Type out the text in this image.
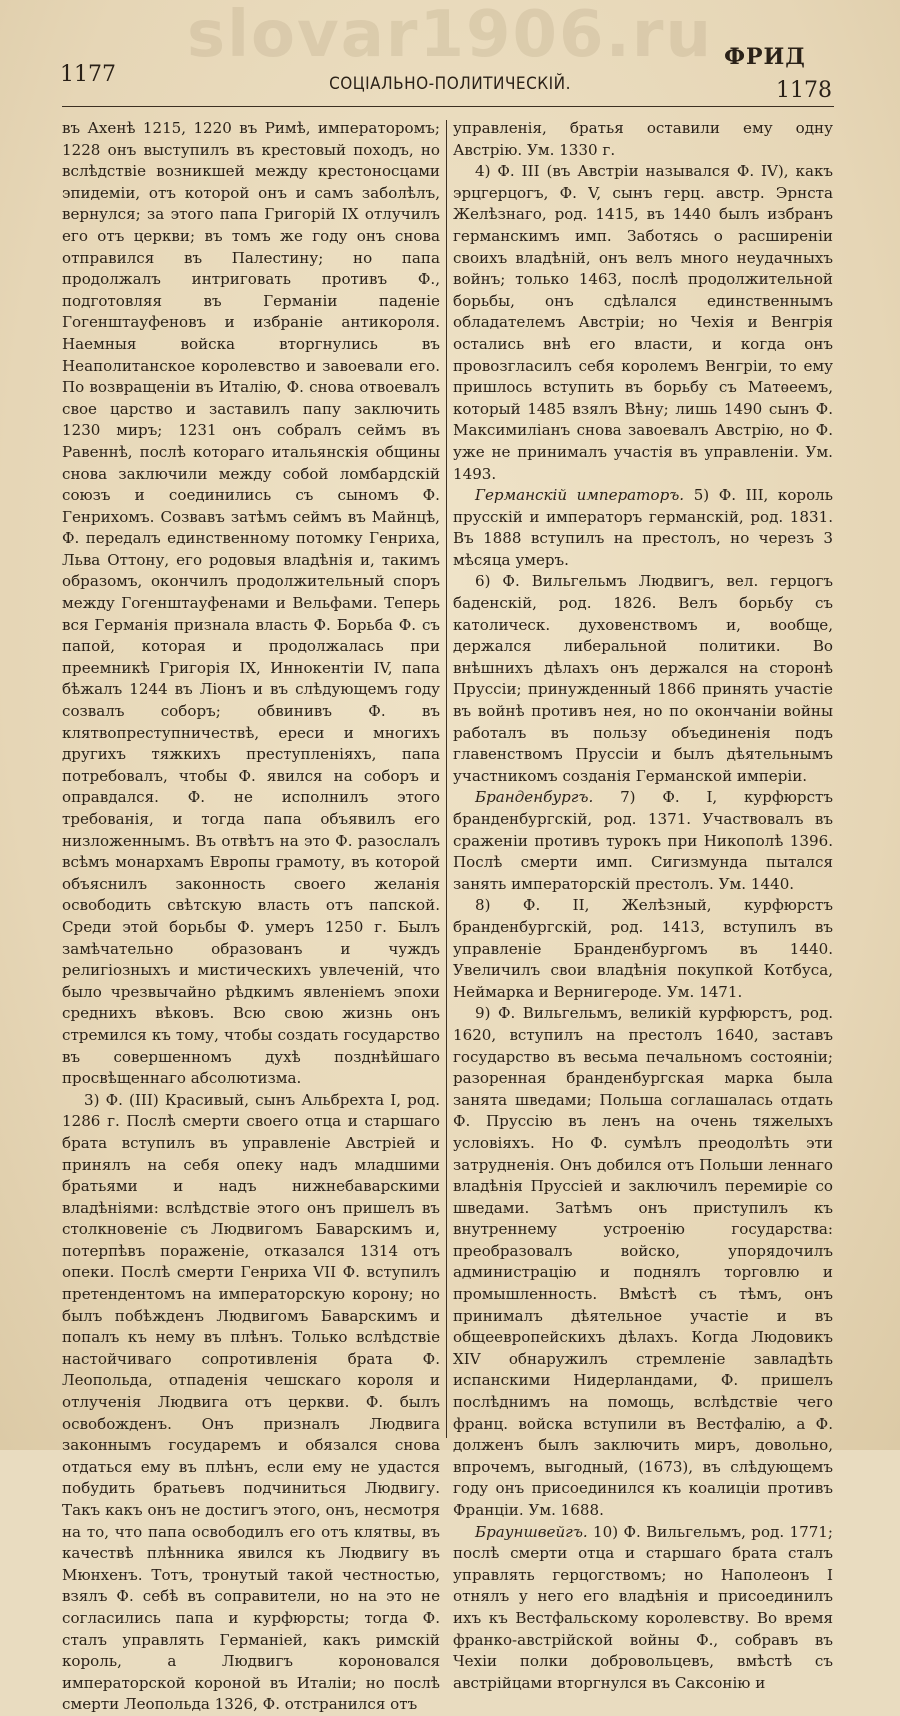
slovar1906.ru
1177	СОЦІАЛЬНО-ПОЛИТИЧЕСКІЙ.
ФРИД
1178

въ Ахенѣ 1215, 1220 въ Римѣ, императоромъ; 1228 онъ выступилъ въ крестовый походъ, но вслѣдствіе возникшей между крестоносцами эпидеміи, отъ которой онъ и самъ заболѣлъ, вернулся; за этого папа Григорій IX отлучилъ его отъ церкви; въ томъ же году онъ снова отправился въ Палестину; но папа продолжалъ интриговать противъ Ф., подготовляя въ Германіи паденіе Гогенштауфеновъ и избраніе антикороля. Наемныя войска вторгнулись въ Неаполитанское королевство и завоевали его. По возвращеніи въ Италію, Ф. снова отвоевалъ свое царство и заставилъ папу заключить 1230 миръ; 1231 онъ собралъ сеймъ въ Равеннѣ, послѣ котораго итальянскія общины снова заключили между собой ломбардскій союзъ и соединились съ сыномъ Ф. Генрихомъ. Созвавъ затѣмъ сеймъ въ Майнцѣ, Ф. передалъ единственному потомку Генриха, Льва Оттону, его родовыя владѣнія и, такимъ образомъ, окончилъ продолжительный споръ между Гогенштауфенами и Вельфами. Теперь вся Германія признала власть Ф. Борьба Ф. съ папой, которая и продолжалась при преемникѣ Григорія IX, Иннокентіи IV, папа бѣжалъ 1244 въ Ліонъ и въ слѣдующемъ году созвалъ соборъ; обвинивъ Ф. въ клятвопреступничествѣ, ереси и многихъ другихъ тяжкихъ преступленіяхъ, папа потребовалъ, чтобы Ф. явился на соборъ и оправдался. Ф. не исполнилъ этого требованія, и тогда папа объявилъ его низложеннымъ. Въ отвѣтъ на это Ф. разослалъ всѣмъ монархамъ Европы грамоту, въ которой объяснилъ законность своего желанія освободить свѣтскую власть отъ папской. Среди этой борьбы Ф. умеръ 1250 г. Былъ замѣчательно образованъ и чуждъ религіозныхъ и мистическихъ увлеченій, что было чрезвычайно рѣдкимъ явленіемъ эпохи среднихъ вѣковъ. Всю свою жизнь онъ стремился къ тому, чтобы создать государство въ совершенномъ духѣ позднѣйшаго просвѣщеннаго абсолютизма.

3) Ф. (III) Красивый, сынъ Альбрехта I, род. 1286 г. Послѣ смерти своего отца и старшаго брата вступилъ въ управленіе Австріей и принялъ на себя опеку надъ младшими братьями и надъ нижнебаварскими владѣніями: вслѣдствіе этого онъ пришелъ въ столкновеніе съ Людвигомъ Баварскимъ и, потерпѣвъ пораженіе, отказался 1314 отъ опеки. Послѣ смерти Генриха VII Ф. вступилъ претендентомъ на императорскую корону; но былъ побѣжденъ Людвигомъ Баварскимъ и попалъ къ нему въ плѣнъ. Только вслѣдствіе настойчиваго сопротивленія брата Ф. Леопольда, отпаденія чешскаго короля и отлученія Людвига отъ церкви. Ф. былъ освобожденъ. Онъ призналъ Людвига законнымъ государемъ и обязался снова отдаться ему въ плѣнъ, если ему не удастся побудить братьевъ подчиниться Людвигу. Такъ какъ онъ не достигъ этого, онъ, несмотря на то, что папа освободилъ его отъ клятвы, въ качествѣ плѣнника явился къ Людвигу въ Мюнхенъ. Тотъ, тронутый такой честностью, взялъ Ф. себѣ въ соправители, но на это не согласились папа и курфюрсты; тогда Ф. сталъ управлять Германіей, какъ римскій король, а Людвигъ короновался императорской короной въ Италіи; но послѣ смерти Леопольда 1326, Ф. отстранился отъ

управленія, братья оставили ему одну Австрію. Ум. 1330 г.

4) Ф. III (въ Австріи назывался Ф. IV), какъ эрцгерцогъ, Ф. V, сынъ герц. австр. Эрнста Желѣзнаго, род. 1415, въ 1440 былъ избранъ германскимъ имп. Заботясь о расширеніи своихъ владѣній, онъ велъ много неудачныхъ войнъ; только 1463, послѣ продолжительной борьбы, онъ сдѣлался единственнымъ обладателемъ Австріи; но Чехія и Венгрія остались внѣ его власти, и когда онъ провозгласилъ себя королемъ Венгріи, то ему пришлось вступить въ борьбу съ Матѳеемъ, который 1485 взялъ Вѣну; лишь 1490 сынъ Ф. Максимиліанъ снова завоевалъ Австрію, но Ф. уже не принималъ участія въ управленіи. Ум. 1493.

Германскій императоръ. 5) Ф. III, король прусскій и императоръ германскій, род. 1831. Въ 1888 вступилъ на престолъ, но черезъ 3 мѣсяца умеръ.

6) Ф. Вильгельмъ Людвигъ, вел. герцогъ баденскій, род. 1826. Велъ борьбу съ католическ. духовенствомъ и, вообще, держался либеральной политики. Во внѣшнихъ дѣлахъ онъ держался на сторонѣ Пруссіи; принужденный 1866 принять участіе въ войнѣ противъ нея, но по окончаніи войны работалъ въ пользу объединенія подъ главенствомъ Пруссіи и былъ дѣятельнымъ участникомъ созданія Германской имперіи.

Бранденбургъ. 7) Ф. I, курфюрстъ бранденбургскій, род. 1371. Участвовалъ въ сраженіи противъ турокъ при Никополѣ 1396. Послѣ смерти имп. Сигизмунда пытался занять императорскій престолъ. Ум. 1440.

8) Ф. II, Желѣзный, курфюрстъ бранденбургскій, род. 1413, вступилъ въ управленіе Бранденбургомъ въ 1440. Увеличилъ свои владѣнія покупкой Котбуса, Неймарка и Вернигероде. Ум. 1471.

9) Ф. Вильгельмъ, великій курфюрстъ, род. 1620, вступилъ на престолъ 1640, заставъ государство въ весьма печальномъ состояніи; разоренная бранденбургская марка была занята шведами; Польша соглашалась отдать Ф. Пруссію въ ленъ на очень тяжелыхъ условіяхъ. Но Ф. сумѣлъ преодолѣть эти затрудненія. Онъ добился отъ Польши леннаго владѣнія Пруссіей и заключилъ перемиріе со шведами. Затѣмъ онъ приступилъ къ внутреннему устроенію государства: преобразовалъ войско, упорядочилъ администрацію и поднялъ торговлю и промышленность. Вмѣстѣ съ тѣмъ, онъ принималъ дѣятельное участіе и въ общеевропейскихъ дѣлахъ. Когда Людовикъ XIV обнаружилъ стремленіе завладѣть испанскими Нидерландами, Ф. пришелъ послѣднимъ на помощь, вслѣдствіе чего франц. войска вступили въ Вестфалію, а Ф. долженъ былъ заключить миръ, довольно, впрочемъ, выгодный, (1673), въ слѣдующемъ году онъ присоединился къ коалиціи противъ Франціи. Ум. 1688.

Брауншвейгъ. 10) Ф. Вильгельмъ, род. 1771; послѣ смерти отца и старшаго брата сталъ управлять герцогствомъ; но Наполеонъ I отнялъ у него его владѣнія и присоединилъ ихъ къ Вестфальскому королевству. Во время франко-австрійской войны Ф., собравъ въ Чехіи полки добровольцевъ, вмѣстѣ съ австрійцами вторгнулся въ Саксонію и
